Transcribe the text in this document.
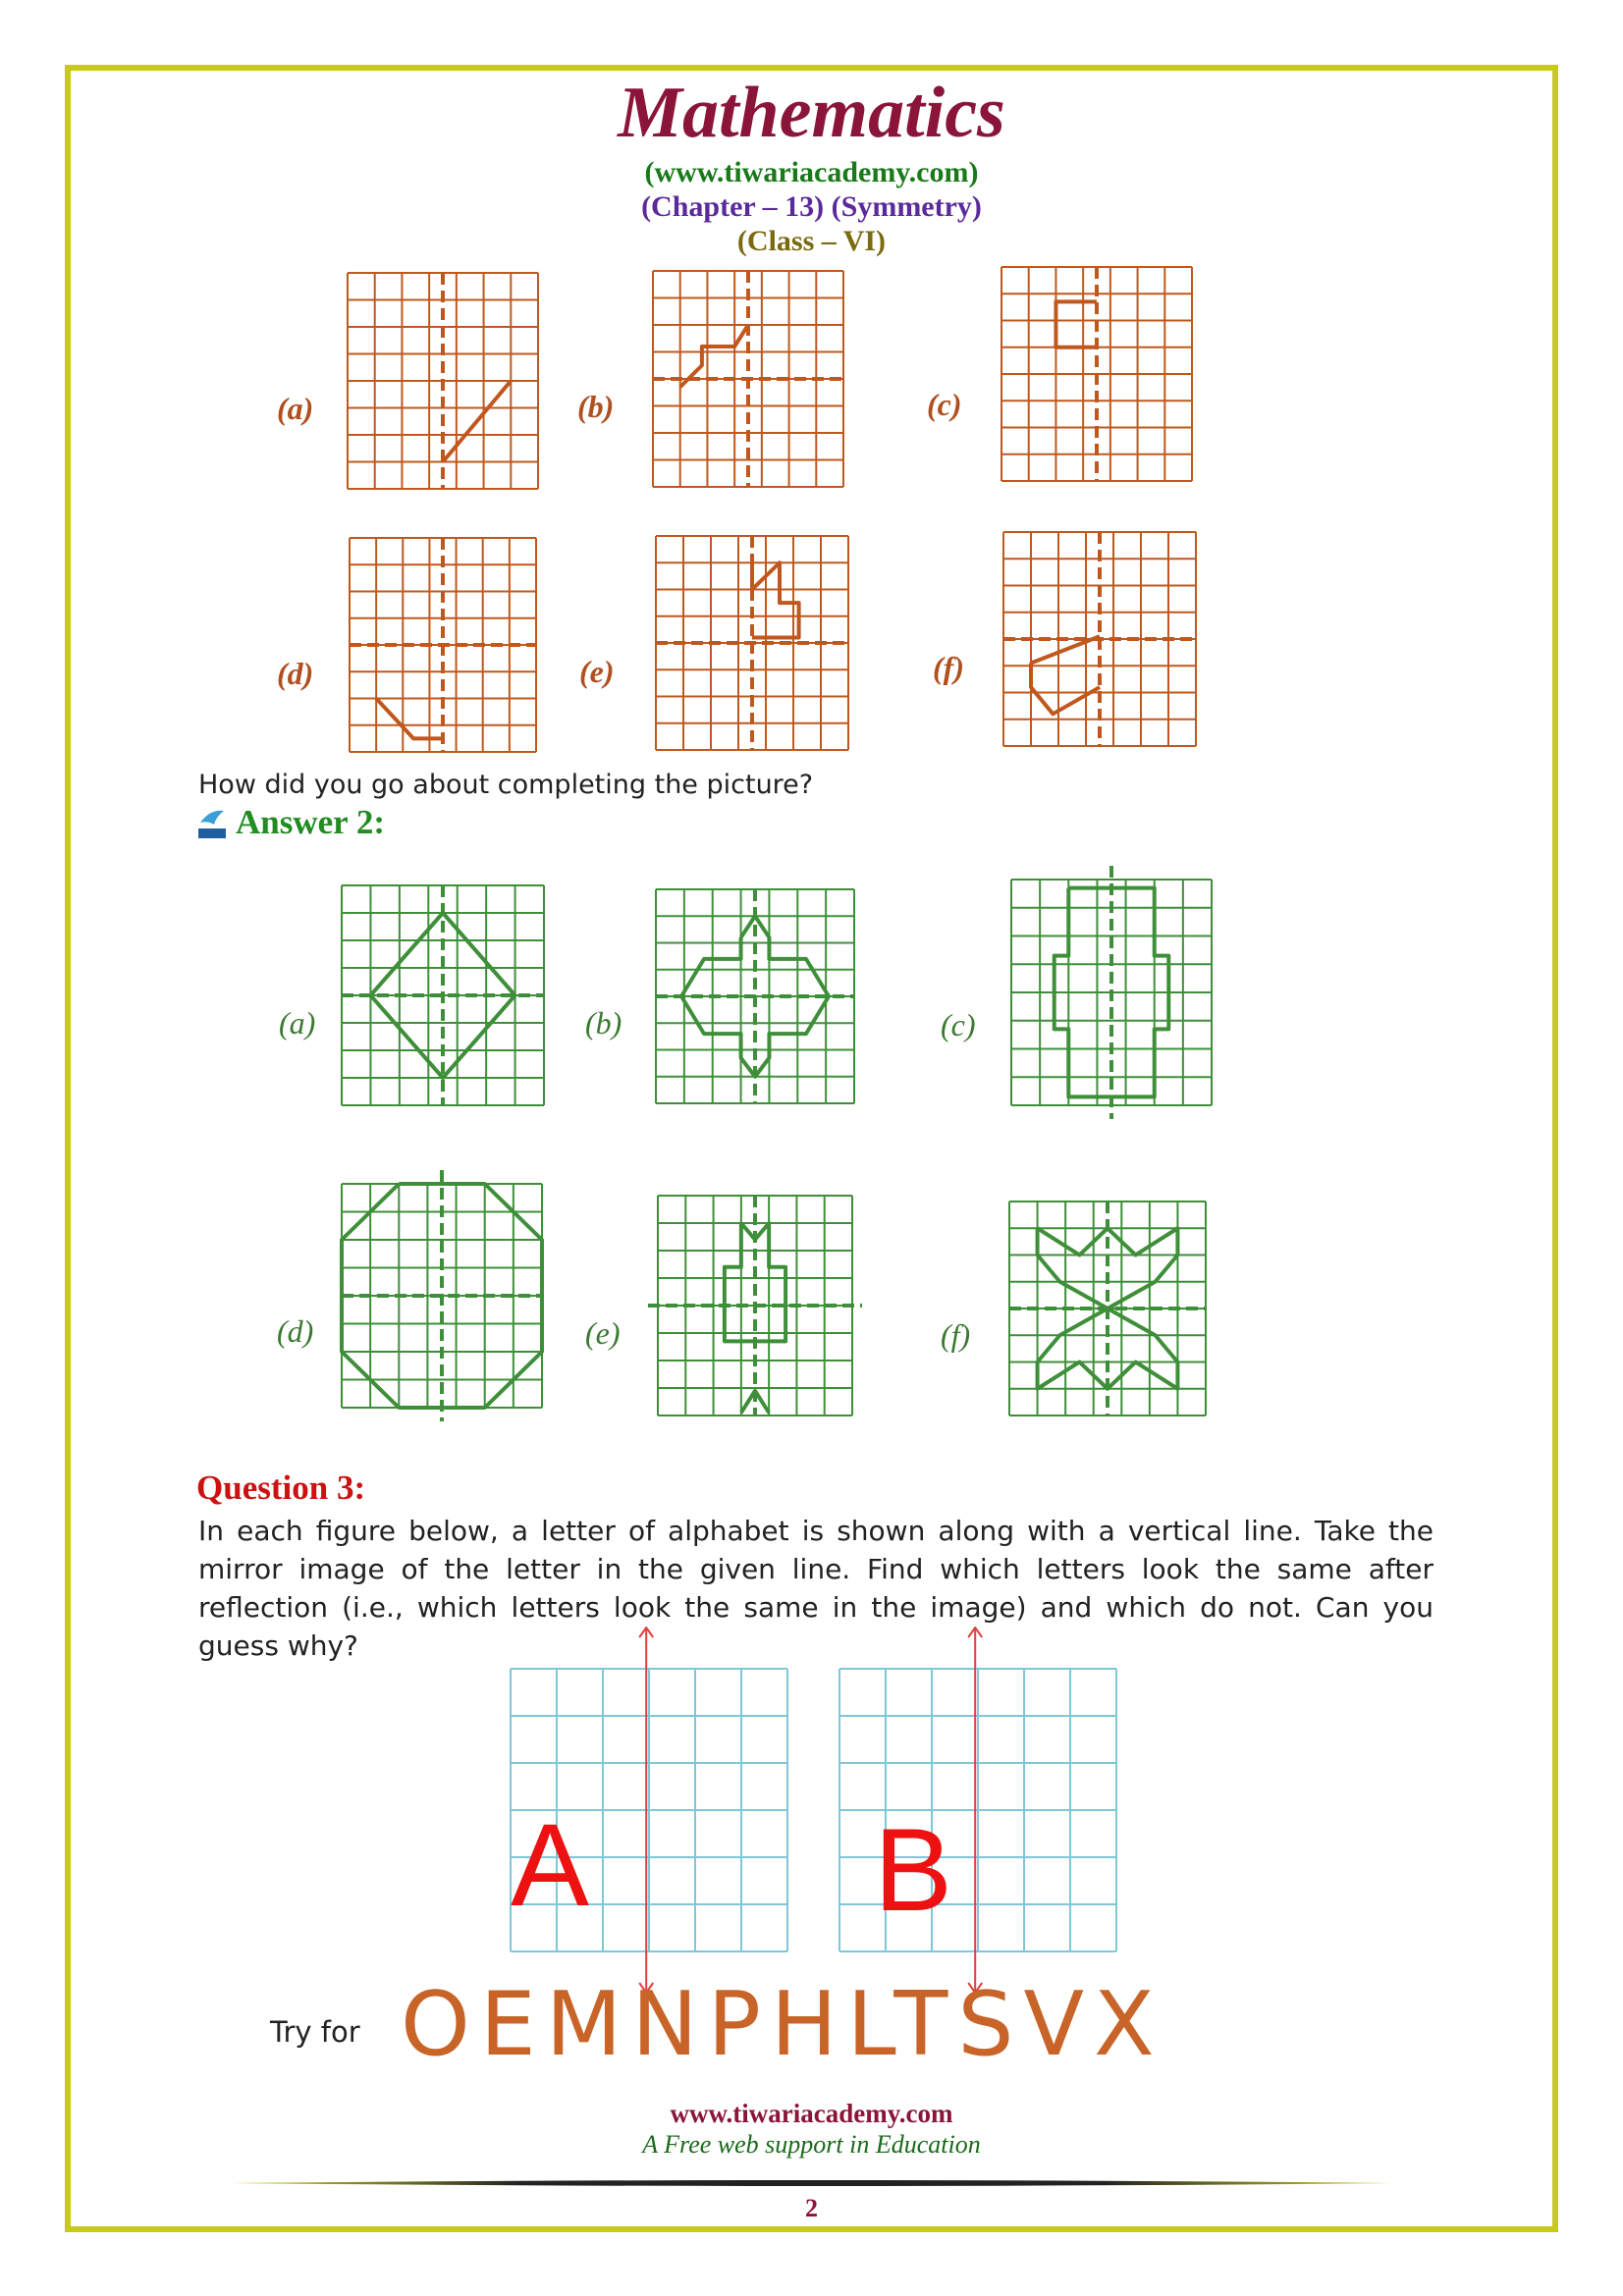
Mathematics
(www.tiwariacademy.com)
(Chapter – 13) (Symmetry)
(Class – VI)
(a)	(b)	(c)
(d)	(e)	(f)
How did you go about completing the picture?
Answer 2:
(a)	(b)	(c)
(d)	(e)	(f)
Question 3:
In each figure below, a letter of alphabet is shown along with a vertical line. Take the mirror image of the letter in the given line. Find which letters look the same after reflection (i.e., which letters look the same in the image) and which do not. Can you guess why?
A B
Try for OEMNPHLTSVX
www.tiwariacademy.com
A Free web support in Education
2
